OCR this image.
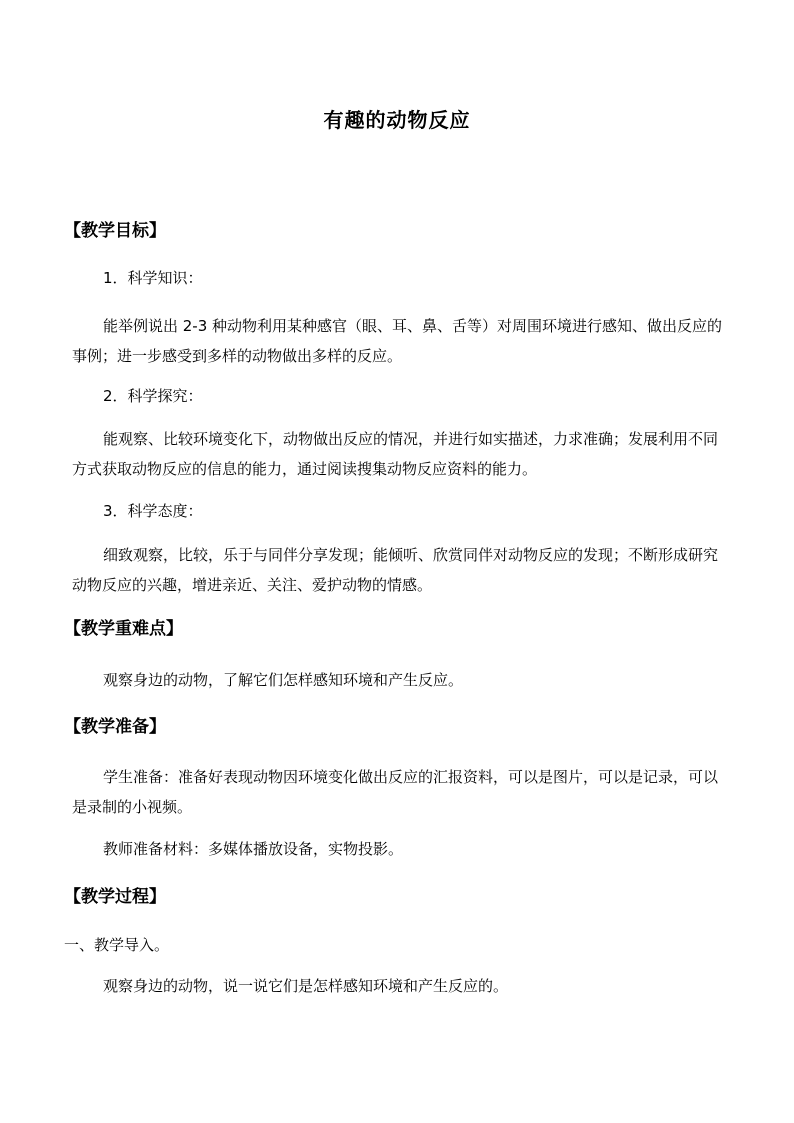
有趣的动物反应
【教学目标】
1．科学知识：
能举例说出 2-3 种动物利用某种感官（眼、耳、鼻、舌等）对周围环境进行感知、做出反应的事例；进一步感受到多样的动物做出多样的反应。
2．科学探究：
能观察、比较环境变化下，动物做出反应的情况，并进行如实描述，力求准确；发展利用不同方式获取动物反应的信息的能力，通过阅读搜集动物反应资料的能力。
3．科学态度：
细致观察，比较，乐于与同伴分享发现；能倾听、欣赏同伴对动物反应的发现；不断形成研究动物反应的兴趣，增进亲近、关注、爱护动物的情感。
【教学重难点】
观察身边的动物，了解它们怎样感知环境和产生反应。
【教学准备】
学生准备：准备好表现动物因环境变化做出反应的汇报资料，可以是图片，可以是记录，可以是录制的小视频。
教师准备材料：多媒体播放设备，实物投影。
【教学过程】
一、教学导入。
观察身边的动物，说一说它们是怎样感知环境和产生反应的。
